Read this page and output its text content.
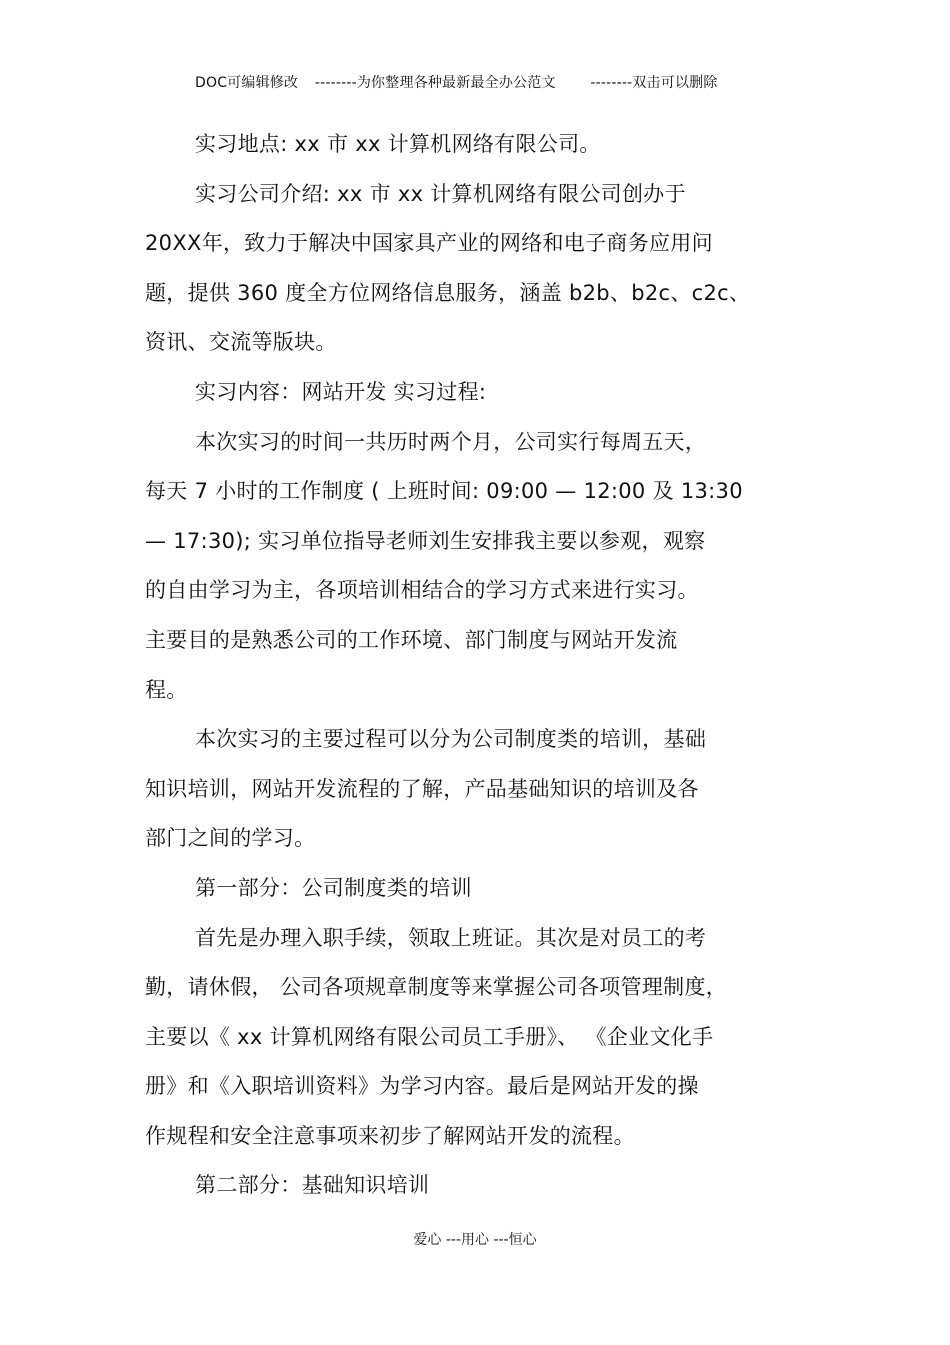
DOC可编辑修改 --------为你整理各种最新最全办公范文 --------双击可以删除
实习地点: xx 市 xx 计算机网络有限公司。
实习公司介绍: xx 市 xx 计算机网络有限公司创办于
20XX年，致力于解决中国家具产业的网络和电子商务应用问
题，提供 360 度全方位网络信息服务，涵盖 b2b、b2c、c2c、
资讯、交流等版块。
实习内容：网站开发 实习过程:
本次实习的时间一共历时两个月，公司实行每周五天，
每天 7 小时的工作制度 ( 上班时间: 09:00 — 12:00 及 13:30
— 17:30); 实习单位指导老师刘生安排我主要以参观，观察
的自由学习为主，各项培训相结合的学习方式来进行实习。
主要目的是熟悉公司的工作环境、部门制度与网站开发流
程。
本次实习的主要过程可以分为公司制度类的培训，基础
知识培训，网站开发流程的了解，产品基础知识的培训及各
部门之间的学习。
第一部分：公司制度类的培训
首先是办理入职手续，领取上班证。其次是对员工的考
勤，请休假， 公司各项规章制度等来掌握公司各项管理制度，
主要以《 xx 计算机网络有限公司员工手册》、 《企业文化手
册》和《入职培训资料》为学习内容。最后是网站开发的操
作规程和安全注意事项来初步了解网站开发的流程。
第二部分：基础知识培训
爱心 ---用心 ---恒心
